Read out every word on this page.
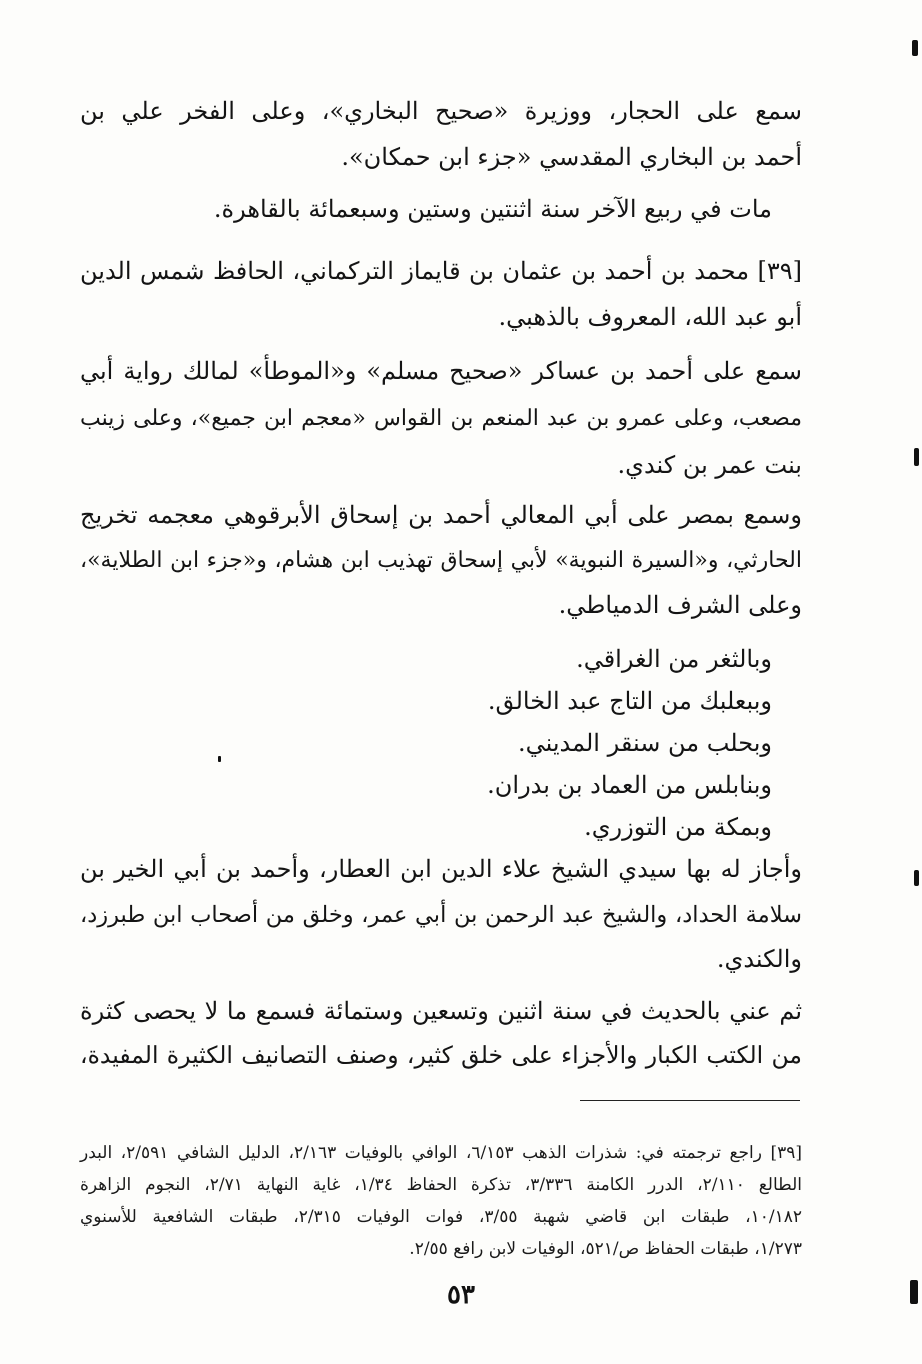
سمع على الحجار، ووزيرة «صحيح البخاري»، وعلى الفخر علي بن

أحمد بن البخاري المقدسي «جزء ابن حمكان».

مات في ربيع الآخر سنة اثنتين وستين وسبعمائة بالقاهرة.

[٣٩] محمد بن أحمد بن عثمان بن قايماز التركماني، الحافظ شمس الدين

أبو عبد الله، المعروف بالذهبي.

سمع على أحمد بن عساكر «صحيح مسلم» و«الموطأ» لمالك رواية أبي

مصعب، وعلى عمرو بن عبد المنعم بن القواس «معجم ابن جميع»، وعلى زينب

بنت عمر بن كندي.

وسمع بمصر على أبي المعالي أحمد بن إسحاق الأبرقوهي معجمه تخريج

الحارثي، و«السيرة النبوية» لأبي إسحاق تهذيب ابن هشام، و«جزء ابن الطلاية»،

وعلى الشرف الدمياطي.

وبالثغر من الغراقي.

وببعلبك من التاج عبد الخالق.

وبحلب من سنقر المديني.

وبنابلس من العماد بن بدران.

وبمكة من التوزري.

وأجاز له بها سيدي الشيخ علاء الدين ابن العطار، وأحمد بن أبي الخير بن

سلامة الحداد، والشيخ عبد الرحمن بن أبي عمر، وخلق من أصحاب ابن طبرزد،

والكندي.

ثم عني بالحديث في سنة اثنين وتسعين وستمائة فسمع ما لا يحصى كثرة

من الكتب الكبار والأجزاء على خلق كثير، وصنف التصانيف الكثيرة المفيدة،

[٣٩] راجع ترجمته في: شذرات الذهب ٦/١٥٣، الوافي بالوفيات ٢/١٦٣، الدليل الشافي ٢/٥٩١، البدر

الطالع ٢/١١٠، الدرر الكامنة ٣/٣٣٦، تذكرة الحفاظ ١/٣٤، غاية النهاية ٢/٧١، النجوم الزاهرة

١٠/١٨٢، طبقات ابن قاضي شهبة ٣/٥٥، فوات الوفيات ٢/٣١٥، طبقات الشافعية للأسنوي

١/٢٧٣، طبقات الحفاظ ص/٥٢١، الوفيات لابن رافع ٢/٥٥.

٥٣
